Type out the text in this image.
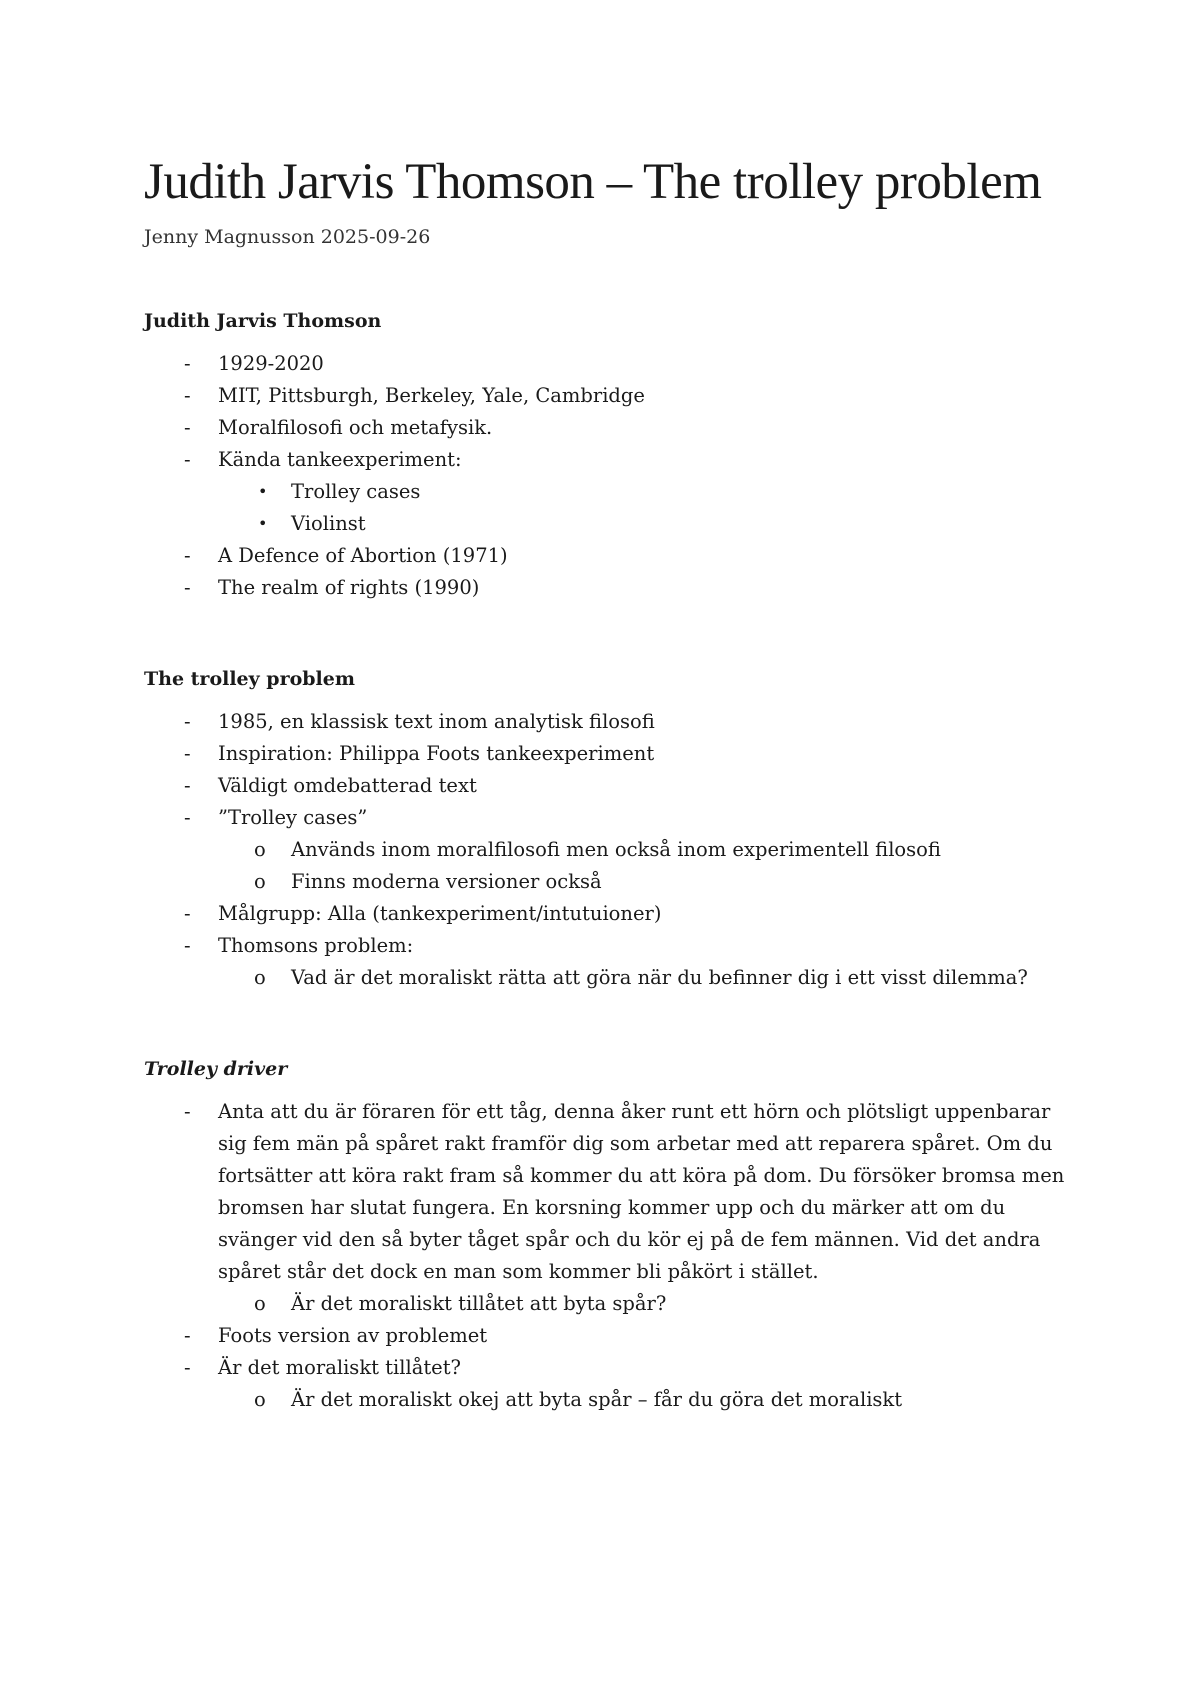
Judith Jarvis Thomson – The trolley problem

Jenny Magnusson 2025-09-26

Judith Jarvis Thomson
- 1929-2020
- MIT, Pittsburgh, Berkeley, Yale, Cambridge
- Moralfilosofi och metafysik.
- Kända tankeexperiment:
• Trolley cases
• Violinst
- A Defence of Abortion (1971)
- The realm of rights (1990)
The trolley problem
- 1985, en klassisk text inom analytisk filosofi
- Inspiration: Philippa Foots tankeexperiment
- Väldigt omdebatterad text
- ”Trolley cases”
o Används inom moralfilosofi men också inom experimentell filosofi
o Finns moderna versioner också
- Målgrupp: Alla (tankexperiment/intutuioner)
- Thomsons problem:
o Vad är det moraliskt rätta att göra när du befinner dig i ett visst dilemma?
Trolley driver
- Anta att du är föraren för ett tåg, denna åker runt ett hörn och plötsligt uppenbarar sig fem män på spåret rakt framför dig som arbetar med att reparera spåret. Om du fortsätter att köra rakt fram så kommer du att köra på dom. Du försöker bromsa men bromsen har slutat fungera. En korsning kommer upp och du märker att om du svänger vid den så byter tåget spår och du kör ej på de fem männen. Vid det andra spåret står det dock en man som kommer bli påkört i stället.
o Är det moraliskt tillåtet att byta spår?
- Foots version av problemet
- Är det moraliskt tillåtet?
o Är det moraliskt okej att byta spår – får du göra det moraliskt
